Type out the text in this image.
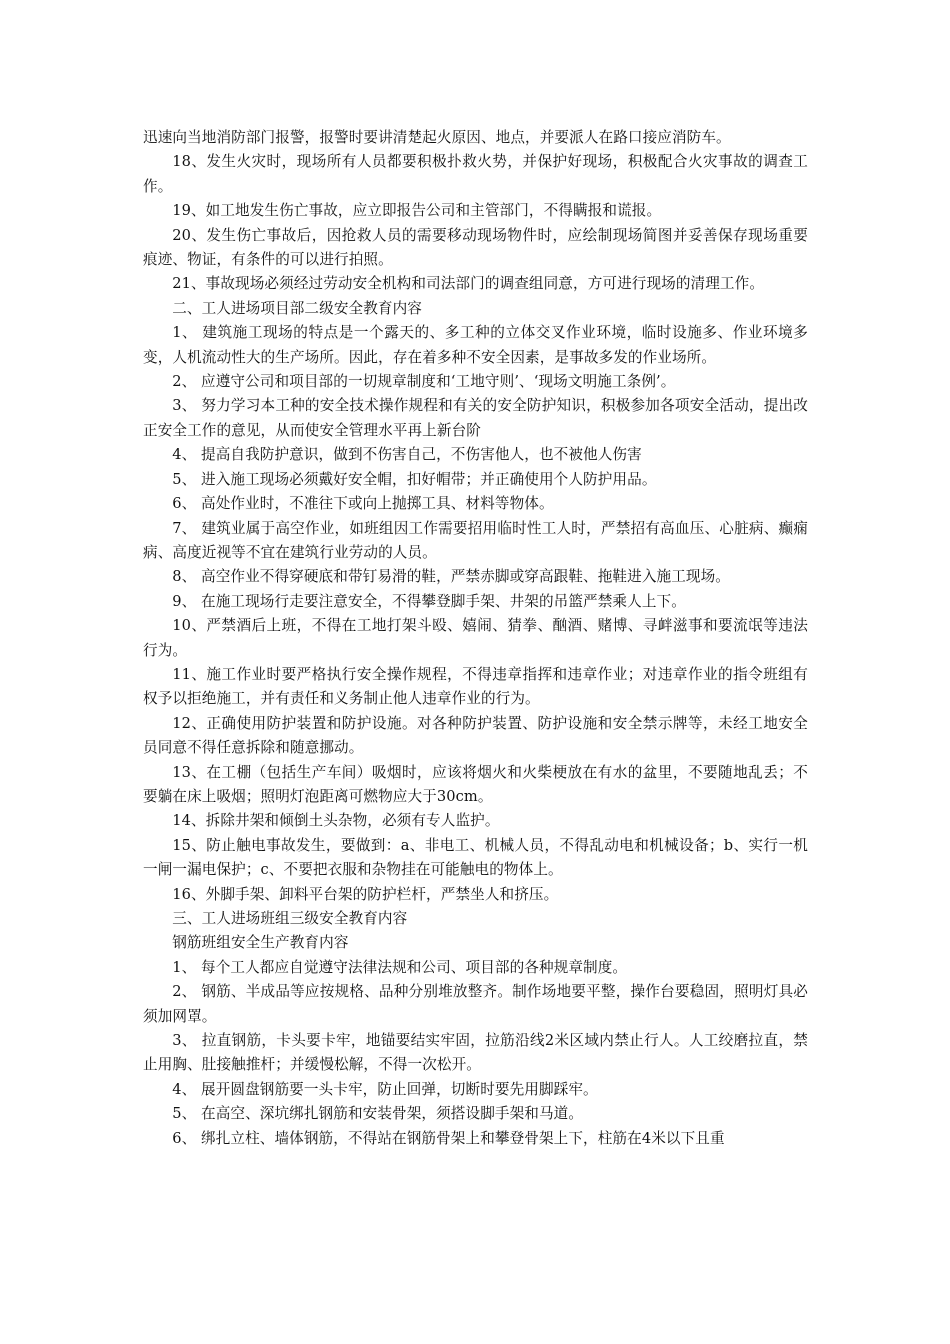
迅速向当地消防部门报警，报警时要讲清楚起火原因、地点，并要派人在路口接应消防车。

18、发生火灾时，现场所有人员都要积极扑救火势，并保护好现场，积极配合火灾事故的调查工作。

19、如工地发生伤亡事故，应立即报告公司和主管部门，不得瞒报和谎报。

20、发生伤亡事故后，因抢救人员的需要移动现场物件时，应绘制现场简图并妥善保存现场重要痕迹、物证，有条件的可以进行拍照。

21、事故现场必须经过劳动安全机构和司法部门的调查组同意，方可进行现场的清理工作。

二、工人进场项目部二级安全教育内容

1、 建筑施工现场的特点是一个露天的、多工种的立体交叉作业环境，临时设施多、作业环境多变，人机流动性大的生产场所。因此，存在着多种不安全因素，是事故多发的作业场所。

2、 应遵守公司和项目部的一切规章制度和‘工地守则’、‘现场文明施工条例’。

3、 努力学习本工种的安全技术操作规程和有关的安全防护知识，积极参加各项安全活动，提出改正安全工作的意见，从而使安全管理水平再上新台阶

4、 提高自我防护意识，做到不伤害自己，不伤害他人，也不被他人伤害

5、 进入施工现场必须戴好安全帽，扣好帽带；并正确使用个人防护用品。

6、 高处作业时，不准往下或向上抛掷工具、材料等物体。

7、 建筑业属于高空作业，如班组因工作需要招用临时性工人时，严禁招有高血压、心脏病、癫痫病、高度近视等不宜在建筑行业劳动的人员。

8、 高空作业不得穿硬底和带钉易滑的鞋，严禁赤脚或穿高跟鞋、拖鞋进入施工现场。

9、 在施工现场行走要注意安全，不得攀登脚手架、井架的吊篮严禁乘人上下。

10、严禁酒后上班，不得在工地打架斗殴、嬉闹、猜拳、酗酒、赌博、寻衅滋事和要流氓等违法行为。

11、施工作业时要严格执行安全操作规程，不得违章指挥和违章作业；对违章作业的指令班组有权予以拒绝施工，并有责任和义务制止他人违章作业的行为。

12、正确使用防护装置和防护设施。对各种防护装置、防护设施和安全禁示牌等，未经工地安全员同意不得任意拆除和随意挪动。

13、在工棚（包括生产车间）吸烟时，应该将烟火和火柴梗放在有水的盆里，不要随地乱丢；不要躺在床上吸烟；照明灯泡距离可燃物应大于30cm。

14、拆除井架和倾倒土头杂物，必须有专人监护。

15、防止触电事故发生，要做到：a、非电工、机械人员，不得乱动电和机械设备；b、实行一机一闸一漏电保护；c、不要把衣服和杂物挂在可能触电的物体上。

16、外脚手架、卸料平台架的防护栏杆，严禁坐人和挤压。

三、工人进场班组三级安全教育内容

钢筋班组安全生产教育内容

1、 每个工人都应自觉遵守法律法规和公司、项目部的各种规章制度。

2、 钢筋、半成品等应按规格、品种分别堆放整齐。制作场地要平整，操作台要稳固，照明灯具必须加网罩。

3、 拉直钢筋，卡头要卡牢，地锚要结实牢固，拉筋沿线2米区域内禁止行人。人工绞磨拉直，禁止用胸、肚接触推杆；并缓慢松解，不得一次松开。

4、 展开圆盘钢筋要一头卡牢，防止回弹，切断时要先用脚踩牢。

5、 在高空、深坑绑扎钢筋和安装骨架，须搭设脚手架和马道。

6、 绑扎立柱、墙体钢筋，不得站在钢筋骨架上和攀登骨架上下，柱筋在4米以下且重
